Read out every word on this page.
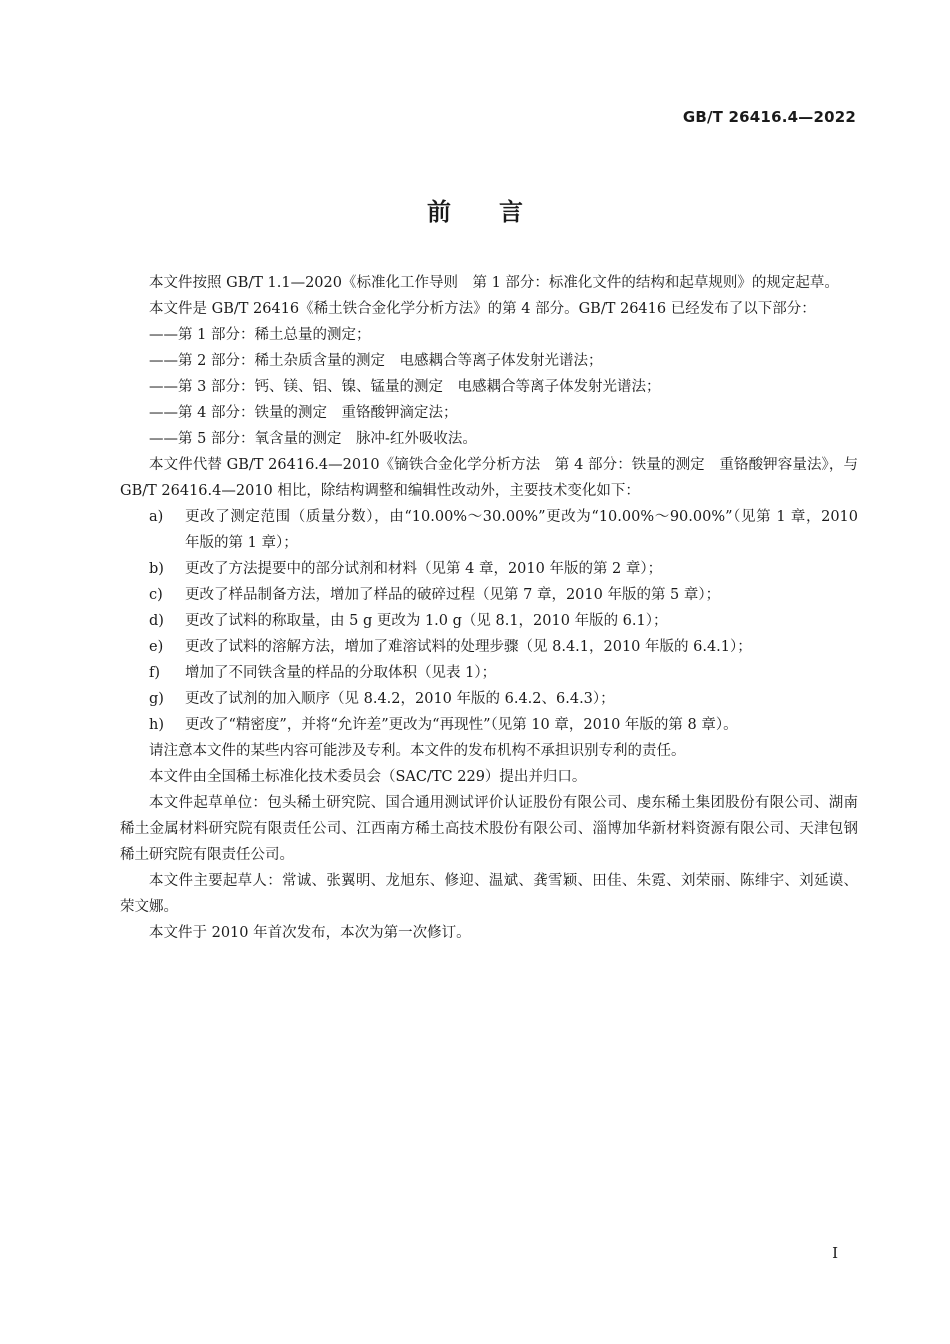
GB/T 26416.4—2022
前言

本文件按照 GB/T 1.1—2020《标准化工作导则　第 1 部分：标准化文件的结构和起草规则》的规定起草。

本文件是 GB/T 26416《稀土铁合金化学分析方法》的第 4 部分。GB/T 26416 已经发布了以下部分：

——第 1 部分：稀土总量的测定；

——第 2 部分：稀土杂质含量的测定　电感耦合等离子体发射光谱法；

——第 3 部分：钙、镁、铝、镍、锰量的测定　电感耦合等离子体发射光谱法；

——第 4 部分：铁量的测定　重铬酸钾滴定法；

——第 5 部分：氧含量的测定　脉冲-红外吸收法。

本文件代替 GB/T 26416.4—2010《镝铁合金化学分析方法　第 4 部分：铁量的测定　重铬酸钾容量法》，与 GB/T 26416.4—2010 相比，除结构调整和编辑性改动外，主要技术变化如下：

a)	更改了测定范围（质量分数），由“10.00%～30.00%”更改为“10.00%～90.00%”（见第 1 章，2010 年版的第 1 章）；
b)	更改了方法提要中的部分试剂和材料（见第 4 章，2010 年版的第 2 章）；
c)	更改了样品制备方法，增加了样品的破碎过程（见第 7 章，2010 年版的第 5 章）；
d)	更改了试料的称取量，由 5 g 更改为 1.0 g（见 8.1，2010 年版的 6.1）；
e)	更改了试料的溶解方法，增加了难溶试料的处理步骤（见 8.4.1，2010 年版的 6.4.1）；
f)	增加了不同铁含量的样品的分取体积（见表 1）；
g)	更改了试剂的加入顺序（见 8.4.2，2010 年版的 6.4.2、6.4.3）；
h)	更改了“精密度”，并将“允许差”更改为“再现性”（见第 10 章，2010 年版的第 8 章）。

请注意本文件的某些内容可能涉及专利。本文件的发布机构不承担识别专利的责任。

本文件由全国稀土标准化技术委员会（SAC/TC 229）提出并归口。

本文件起草单位：包头稀土研究院、国合通用测试评价认证股份有限公司、虔东稀土集团股份有限公司、湖南稀土金属材料研究院有限责任公司、江西南方稀土高技术股份有限公司、淄博加华新材料资源有限公司、天津包钢稀土研究院有限责任公司。

本文件主要起草人：常诚、张翼明、龙旭东、修迎、温斌、龚雪颖、田佳、朱霓、刘荣丽、陈绯宇、刘延谟、荣文娜。

本文件于 2010 年首次发布，本次为第一次修订。

I
